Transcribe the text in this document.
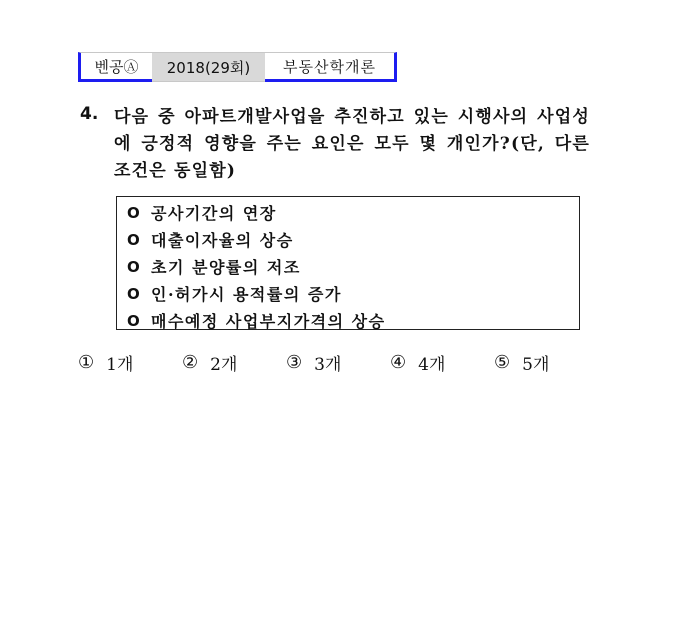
벤공Ⓐ	2018(29회)	부동산학개론
4. 다음 중 아파트개발사업을 추진하고 있는 시행사의 사업성에 긍정적 영향을 주는 요인은 모두 몇 개인가?(단, 다른 조건은 동일함)
O 공사기간의 연장
O 대출이자율의 상승
O 초기 분양률의 저조
O 인·허가시 용적률의 증가
O 매수예정 사업부지가격의 상승
① 1개	② 2개	③ 3개	④ 4개	⑤ 5개
